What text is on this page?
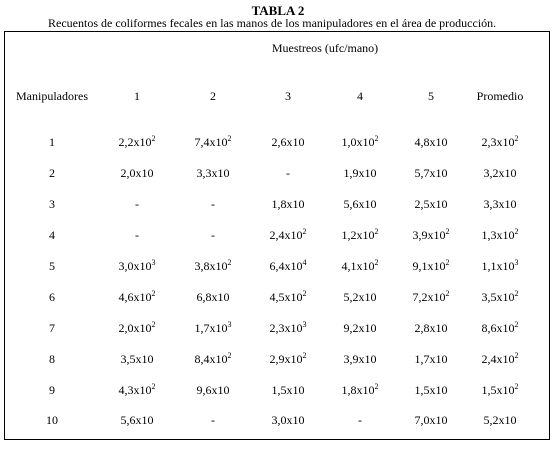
TABLA 2
Recuentos de coliformes fecales en las manos de los manipuladores en el área de producción.
Muestreos (ufc/mano)
Manipuladores	1	2	3	4	5	Promedio
1	$2,2x10^2$	$7,4x10^2$	2,6x10	$1,0x10^2$	4,8x10	$2,3x10^2$
2	2,0x10	3,3x10	-	1,9x10	5,7x10	3,2x10
3	-	-	1,8x10	5,6x10	2,5x10	3,3x10
4	-	-	$2,4x10^2$	$1,2x10^2$	$3,9x10^2$	$1,3x10^2$
5	$3,0x10^3$	$3,8x10^2$	$6,4x10^4$	$4,1x10^2$	$9,1x10^2$	$1,1x10^3$
6	$4,6x10^2$	6,8x10	$4,5x10^2$	5,2x10	$7,2x10^2$	$3,5x10^2$
7	$2,0x10^2$	$1,7x10^3$	$2,3x10^3$	9,2x10	2,8x10	$8,6x10^2$
8	3,5x10	$8,4x10^2$	$2,9x10^2$	3,9x10	1,7x10	$2,4x10^2$
9	$4,3x10^2$	9,6x10	1,5x10	$1,8x10^2$	1,5x10	$1,5x10^2$
10	5,6x10	-	3,0x10	-	7,0x10	5,2x10
